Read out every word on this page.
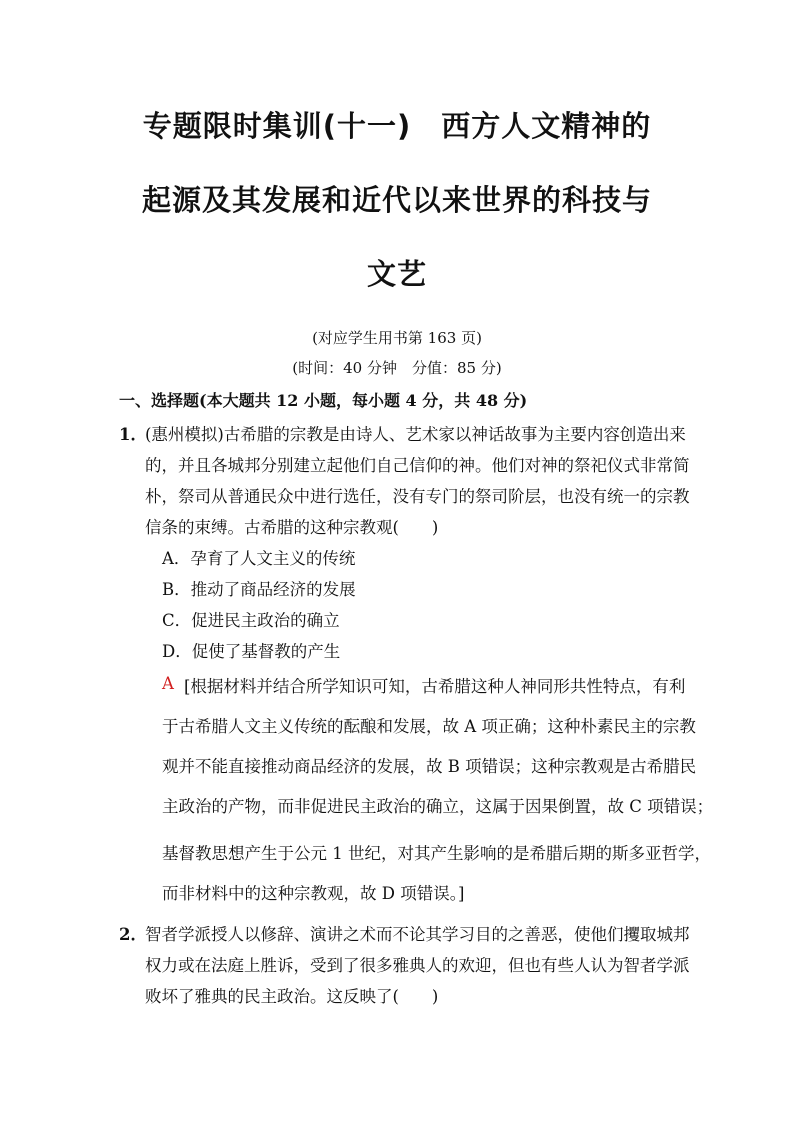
专题限时集训(十一)　西方人文精神的
起源及其发展和近代以来世界的科技与
文艺
(对应学生用书第 163 页)
(时间：40 分钟　分值：85 分)
一、选择题(本大题共 12 小题，每小题 4 分，共 48 分)
1．
(惠州模拟)古希腊的宗教是由诗人、艺术家以神话故事为主要内容创造出来
的，并且各城邦分别建立起他们自己信仰的神。他们对神的祭祀仪式非常简
朴，祭司从普通民众中进行选任，没有专门的祭司阶层，也没有统一的宗教
信条的束缚。古希腊的这种宗教观(　　)
A．孕育了人文主义的传统
B．推动了商品经济的发展
C．促进民主政治的确立
D．促使了基督教的产生
A [根据材料并结合所学知识可知，古希腊这种人神同形共性特点，有利
于古希腊人文主义传统的酝酿和发展，故 A 项正确；这种朴素民主的宗教
观并不能直接推动商品经济的发展，故 B 项错误；这种宗教观是古希腊民
主政治的产物，而非促进民主政治的确立，这属于因果倒置，故 C 项错误；
基督教思想产生于公元 1 世纪，对其产生影响的是希腊后期的斯多亚哲学，
而非材料中的这种宗教观，故 D 项错误。]
2．
智者学派授人以修辞、演讲之术而不论其学习目的之善恶，使他们攫取城邦
权力或在法庭上胜诉，受到了很多雅典人的欢迎，但也有些人认为智者学派
败坏了雅典的民主政治。这反映了(　　)
